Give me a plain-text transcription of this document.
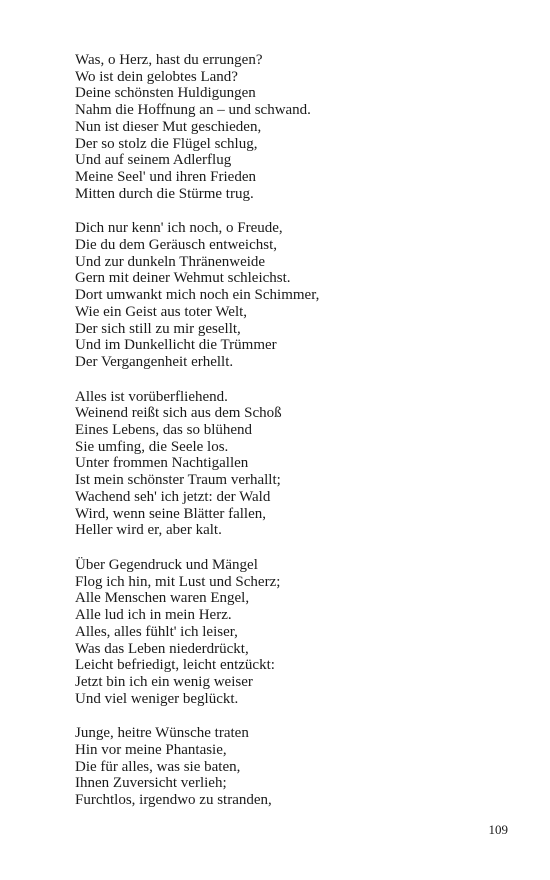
Was, o Herz, hast du errungen?
Wo ist dein gelobtes Land?
Deine schönsten Huldigungen
Nahm die Hoffnung an – und schwand.
Nun ist dieser Mut geschieden,
Der so stolz die Flügel schlug,
Und auf seinem Adlerflug
Meine Seel' und ihren Frieden
Mitten durch die Stürme trug.
Dich nur kenn' ich noch, o Freude,
Die du dem Geräusch entweichst,
Und zur dunkeln Thränenweide
Gern mit deiner Wehmut schleichst.
Dort umwankt mich noch ein Schimmer,
Wie ein Geist aus toter Welt,
Der sich still zu mir gesellt,
Und im Dunkellicht die Trümmer
Der Vergangenheit erhellt.
Alles ist vorüberfliehend.
Weinend reißt sich aus dem Schoß
Eines Lebens, das so blühend
Sie umfing, die Seele los.
Unter frommen Nachtigallen
Ist mein schönster Traum verhallt;
Wachend seh' ich jetzt: der Wald
Wird, wenn seine Blätter fallen,
Heller wird er, aber kalt.
Über Gegendruck und Mängel
Flog ich hin, mit Lust und Scherz;
Alle Menschen waren Engel,
Alle lud ich in mein Herz.
Alles, alles fühlt' ich leiser,
Was das Leben niederdrückt,
Leicht befriedigt, leicht entzückt:
Jetzt bin ich ein wenig weiser
Und viel weniger beglückt.
Junge, heitre Wünsche traten
Hin vor meine Phantasie,
Die für alles, was sie baten,
Ihnen Zuversicht verlieh;
Furchtlos, irgendwo zu stranden,
109
